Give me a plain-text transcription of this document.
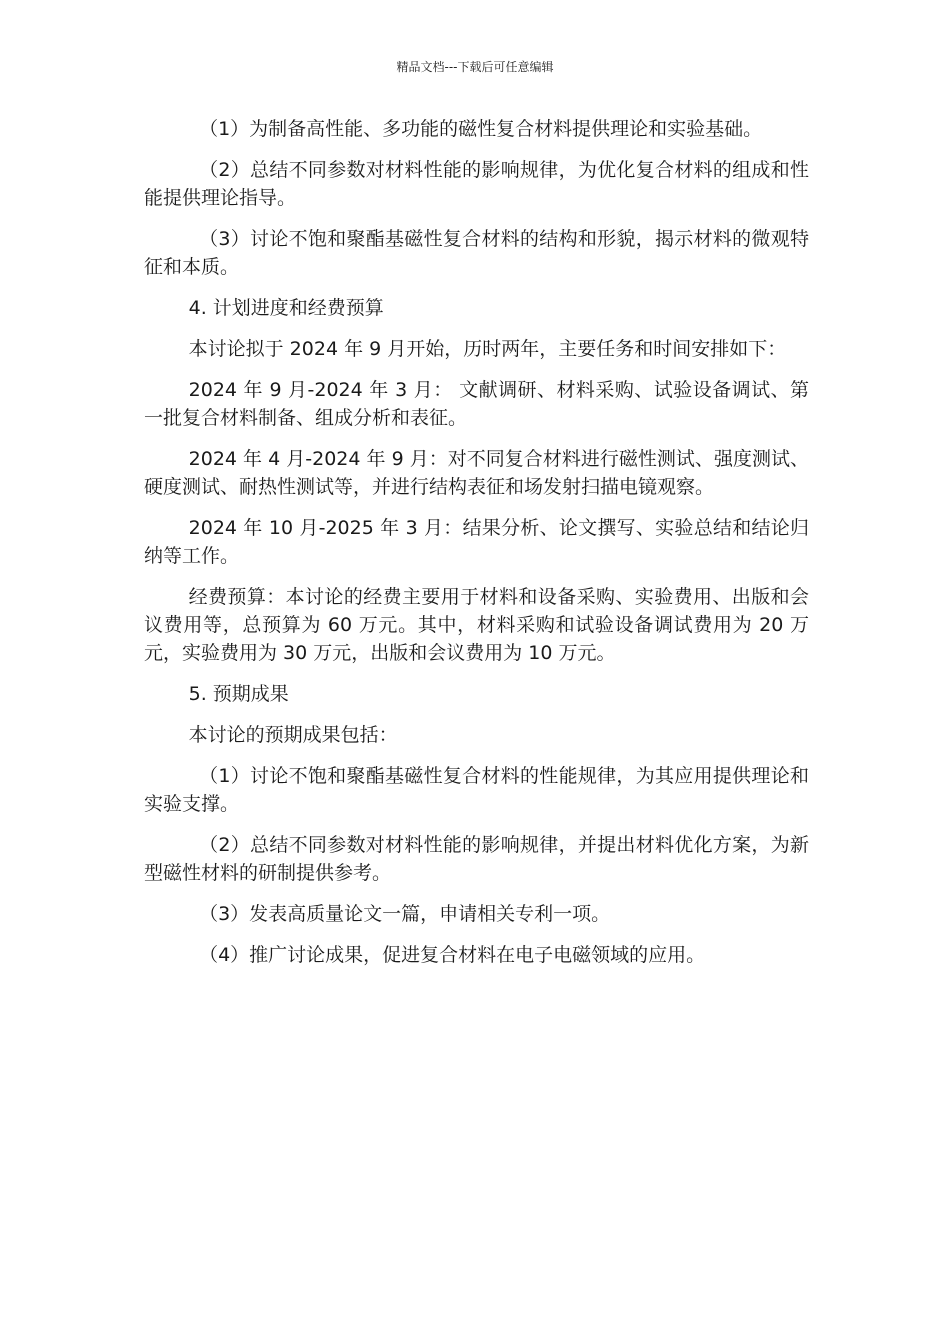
精品文档---下载后可任意编辑

（1）为制备高性能、多功能的磁性复合材料提供理论和实验基础。

（2）总结不同参数对材料性能的影响规律，为优化复合材料的组成和性能提供理论指导。

（3）讨论不饱和聚酯基磁性复合材料的结构和形貌，揭示材料的微观特征和本质。

4. 计划进度和经费预算

本讨论拟于 2024 年 9 月开始，历时两年，主要任务和时间安排如下：

2024 年 9 月-2024 年 3 月： 文献调研、材料采购、试验设备调试、第一批复合材料制备、组成分析和表征。

2024 年 4 月-2024 年 9 月：对不同复合材料进行磁性测试、强度测试、硬度测试、耐热性测试等，并进行结构表征和场发射扫描电镜观察。

2024 年 10 月-2025 年 3 月：结果分析、论文撰写、实验总结和结论归纳等工作。

经费预算：本讨论的经费主要用于材料和设备采购、实验费用、出版和会议费用等，总预算为 60 万元。其中，材料采购和试验设备调试费用为 20 万元，实验费用为 30 万元，出版和会议费用为 10 万元。

5. 预期成果

本讨论的预期成果包括：

（1）讨论不饱和聚酯基磁性复合材料的性能规律，为其应用提供理论和实验支撑。

（2）总结不同参数对材料性能的影响规律，并提出材料优化方案，为新型磁性材料的研制提供参考。

（3）发表高质量论文一篇，申请相关专利一项。

（4）推广讨论成果，促进复合材料在电子电磁领域的应用。
